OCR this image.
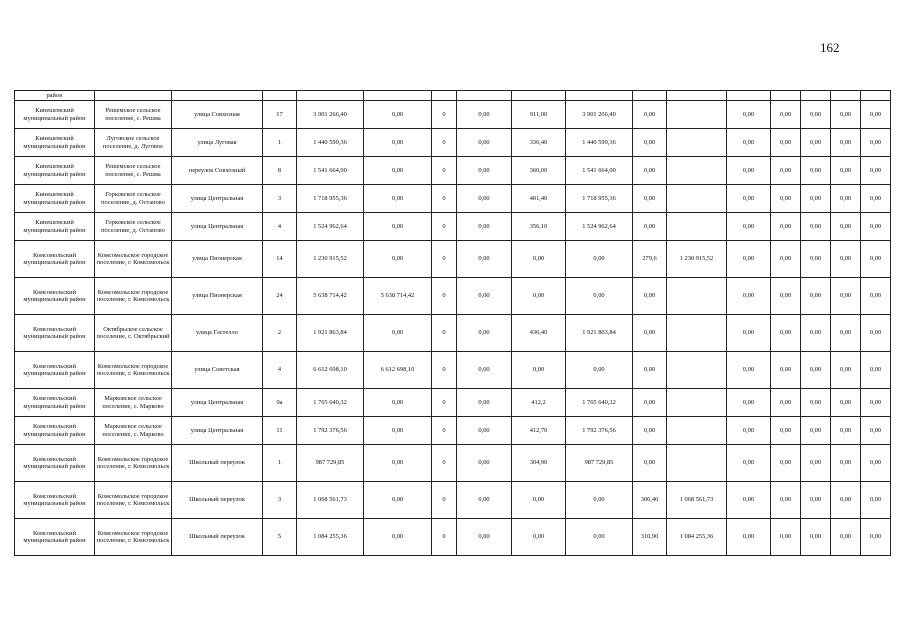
162
район																
Кинешемский муниципальный район	Решемское сельское поселение, с. Решма	улица Совхозная	17	3 901 266,40	0,00	0	0,00	911,00	3 901 266,40	0,00		0,00	0,00	0,00	0,00	0,00
Кинешемский муниципальный район	Луговское сельское поселение, д. Луговое	улица Луговая	1	1 440 599,36	0,00	0	0,00	336,40	1 440 599,36	0,00		0,00	0,00	0,00	0,00	0,00
Кинешемский муниципальный район	Решемское сельское поселение, с. Решма	переулок Совхозный	8	1 541 664,00	0,00	0	0,00	360,00	1 541 664,00	0,00		0,00	0,00	0,00	0,00	0,00
Кинешемский муниципальный район	Горковское сельское поселение, д. Остапово	улица Центральная	3	1 718 955,36	0,00	0	0,00	401,40	1 718 955,36	0,00		0,00	0,00	0,00	0,00	0,00
Кинешемский муниципальный район	Горковское сельское поселение, д. Остапово	улица Центральная	4	1 524 962,64	0,00	0	0,00	356,10	1 524 962,64	0,00		0,00	0,00	0,00	0,00	0,00
Комсомольский муниципальный район	Комсомольское городское поселение, г. Комсомольск	улица Пионерская	14	1 230 915,52	0,00	0	0,00	0,00	0,00	279,6	1 230 915,52	0,00	0,00	0,00	0,00	0,00
Комсомольский муниципальный район	Комсомольское городское поселение, г. Комсомольск	улица Пионерская	24	5 638 714,42	5 638 714,42	0	0,00	0,00	0,00	0,00		0,00	0,00	0,00	0,00	0,00
Комсомольский муниципальный район	Октябрьское сельское поселение, с. Октябрьский	улица Гастелло	2	1 921 863,84	0,00	0	0,00	436,40	1 921 863,84	0,00		0,00	0,00	0,00	0,00	0,00
Комсомольский муниципальный район	Комсомольское городское поселение, г. Комсомольск	улица Советская	4	6 612 698,10	6 612 698,10	0	0,00	0,00	0,00	0,00		0,00	0,00	0,00	0,00	0,00
Комсомольский муниципальный район	Марковское сельское поселение, с. Марково	улица Центральная	9а	1 765 640,32	0,00	0	0,00	412,2	1 765 640,32	0,00		0,00	0,00	0,00	0,00	0,00
Комсомольский муниципальный район	Марковское сельское поселение, с. Марково	улица Центральная	11	1 792 376,56	0,00	0	0,00	412,70	1 792 376,56	0,00		0,00	0,00	0,00	0,00	0,00
Комсомольский муниципальный район	Комсомольское городское поселение, г. Комсомольск	Школьный переулок	1	987 729,85	0,00	0	0,00	304,90	987 729,85	0,00		0,00	0,00	0,00	0,00	0,00
Комсомольский муниципальный район	Комсомольское городское поселение, г. Комсомольск	Школьный переулок	3	1 068 561,73	0,00	0	0,00	0,00	0,00	306,40	1 068 561,73	0,00	0,00	0,00	0,00	0,00
Комсомольский муниципальный район	Комсомольское городское поселение, г. Комсомольск	Школьный переулок	5	1 084 255,36	0,00	0	0,00	0,00	0,00	310,90	1 084 255,36	0,00	0,00	0,00	0,00	0,00
